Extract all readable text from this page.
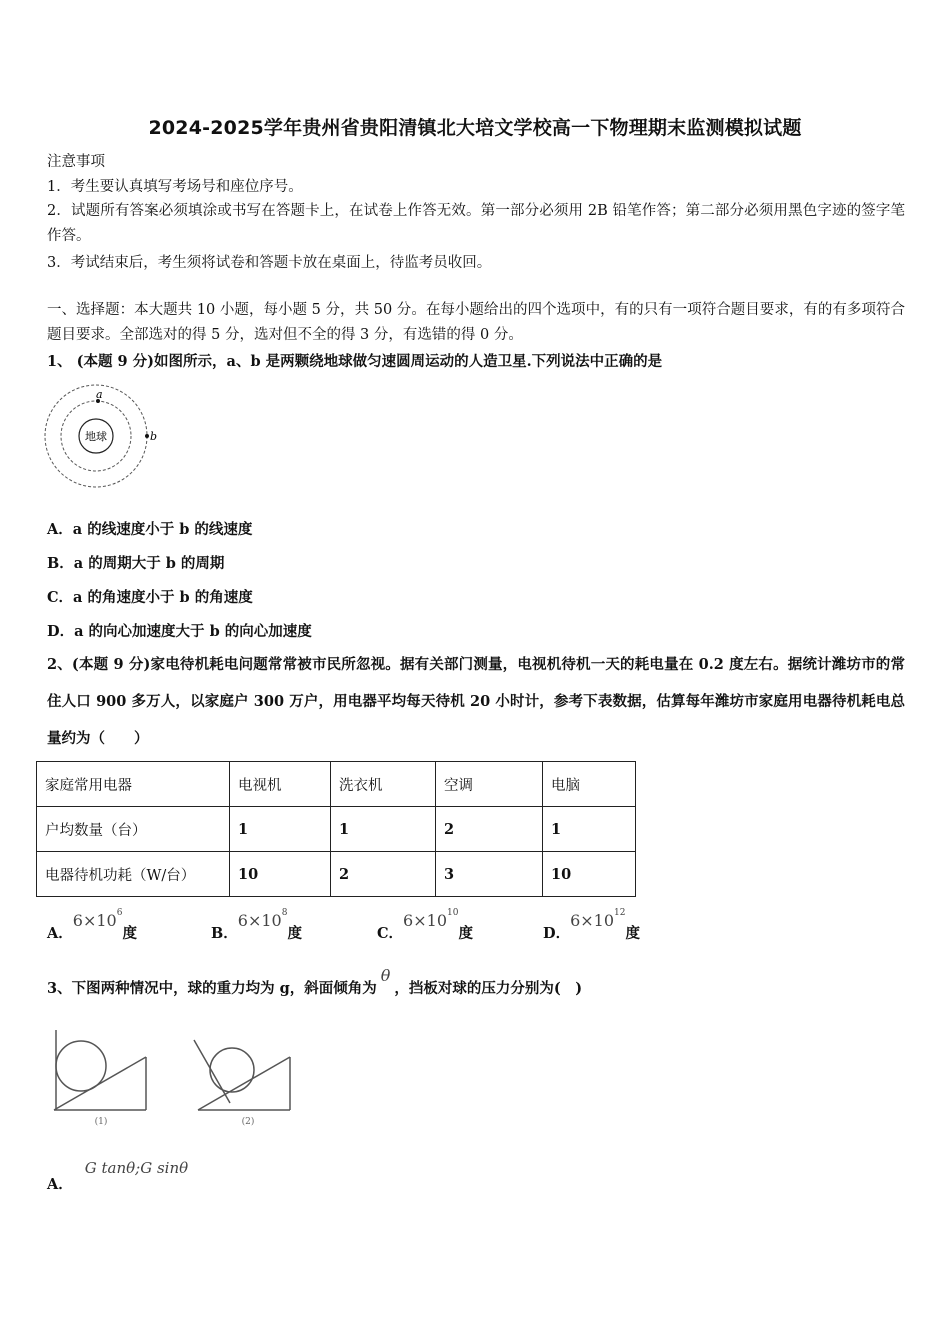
2024-2025学年贵州省贵阳清镇北大培文学校高一下物理期末监测模拟试题
注意事项
1．考生要认真填写考场号和座位序号。
2．试题所有答案必须填涂或书写在答题卡上，在试卷上作答无效。第一部分必须用 2B 铅笔作答；第二部分必须用黑色字迹的签字笔作答。
3．考试结束后，考生须将试卷和答题卡放在桌面上，待监考员收回。
一、选择题：本大题共 10 小题，每小题 5 分，共 50 分。在每小题给出的四个选项中，有的只有一项符合题目要求，有的有多项符合题目要求。全部选对的得 5 分，选对但不全的得 3 分，有选错的得 0 分。
1、 (本题 9 分)如图所示，a、b 是两颗绕地球做匀速圆周运动的人造卫星.下列说法中正确的是
地球
a
b
A．a 的线速度小于 b 的线速度
B．a 的周期大于 b 的周期
C．a 的角速度小于 b 的角速度
D．a 的向心加速度大于 b 的向心加速度
2、(本题 9 分)家电待机耗电问题常常被市民所忽视。据有关部门测量，电视机待机一天的耗电量在 0.2 度左右。据统计潍坊市的常住人口 900 多万人，以家庭户 300 万户，用电器平均每天待机 20 小时计，参考下表数据，估算每年潍坊市家庭用电器待机耗电总量约为（　　）
家庭常用电器	电视机	洗衣机	空调	电脑
户均数量（台）	1	1	2	1
电器待机功耗（W/台）	10	2	3	10
A．$6\times 10^6$度	B．$6\times 10^8$度	C．$6\times 10^{10}$度	D．$6\times 10^{12}$度
3、下图两种情况中，球的重力均为 g，斜面倾角为θ，挡板对球的压力分别为(　)
(1)	(2)
A．G tanθ;G sinθ
